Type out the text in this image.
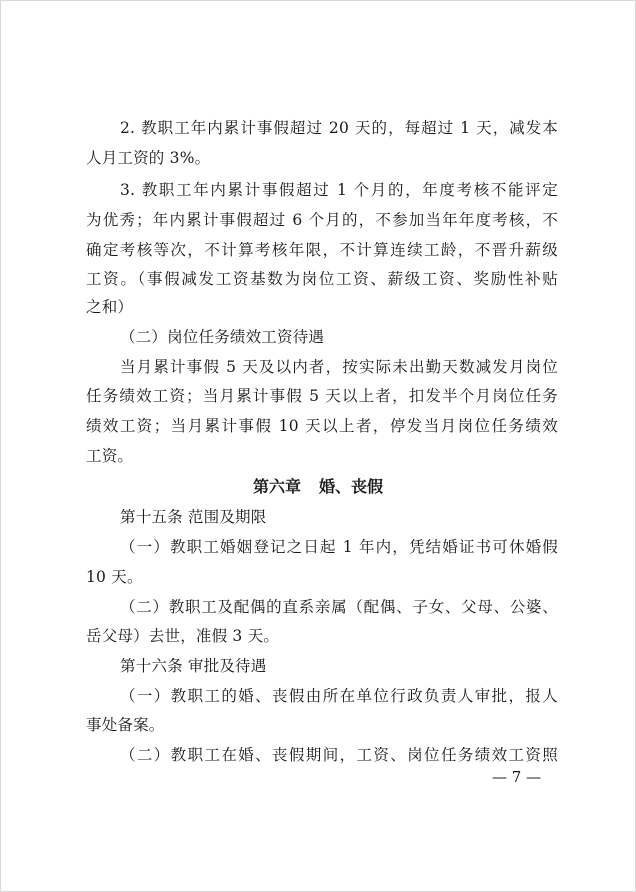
2. 教职工年内累计事假超过 20 天的，每超过 1 天，减发本
人月工资的 3%。
3. 教职工年内累计事假超过 1 个月的，年度考核不能评定
为优秀；年内累计事假超过 6 个月的，不参加当年年度考核，不
确定考核等次，不计算考核年限，不计算连续工龄，不晋升薪级
工资。（事假减发工资基数为岗位工资、薪级工资、奖励性补贴
之和）
（二）岗位任务绩效工资待遇
当月累计事假 5 天及以内者，按实际未出勤天数减发月岗位
任务绩效工资；当月累计事假 5 天以上者，扣发半个月岗位任务
绩效工资；当月累计事假 10 天以上者，停发当月岗位任务绩效
工资。
第六章 婚、丧假
第十五条 范围及期限
（一）教职工婚姻登记之日起 1 年内，凭结婚证书可休婚假
10 天。
（二）教职工及配偶的直系亲属（配偶、子女、父母、公婆、
岳父母）去世，准假 3 天。
第十六条 审批及待遇
（一）教职工的婚、丧假由所在单位行政负责人审批，报人
事处备案。
（二）教职工在婚、丧假期间，工资、岗位任务绩效工资照
— 7 —
